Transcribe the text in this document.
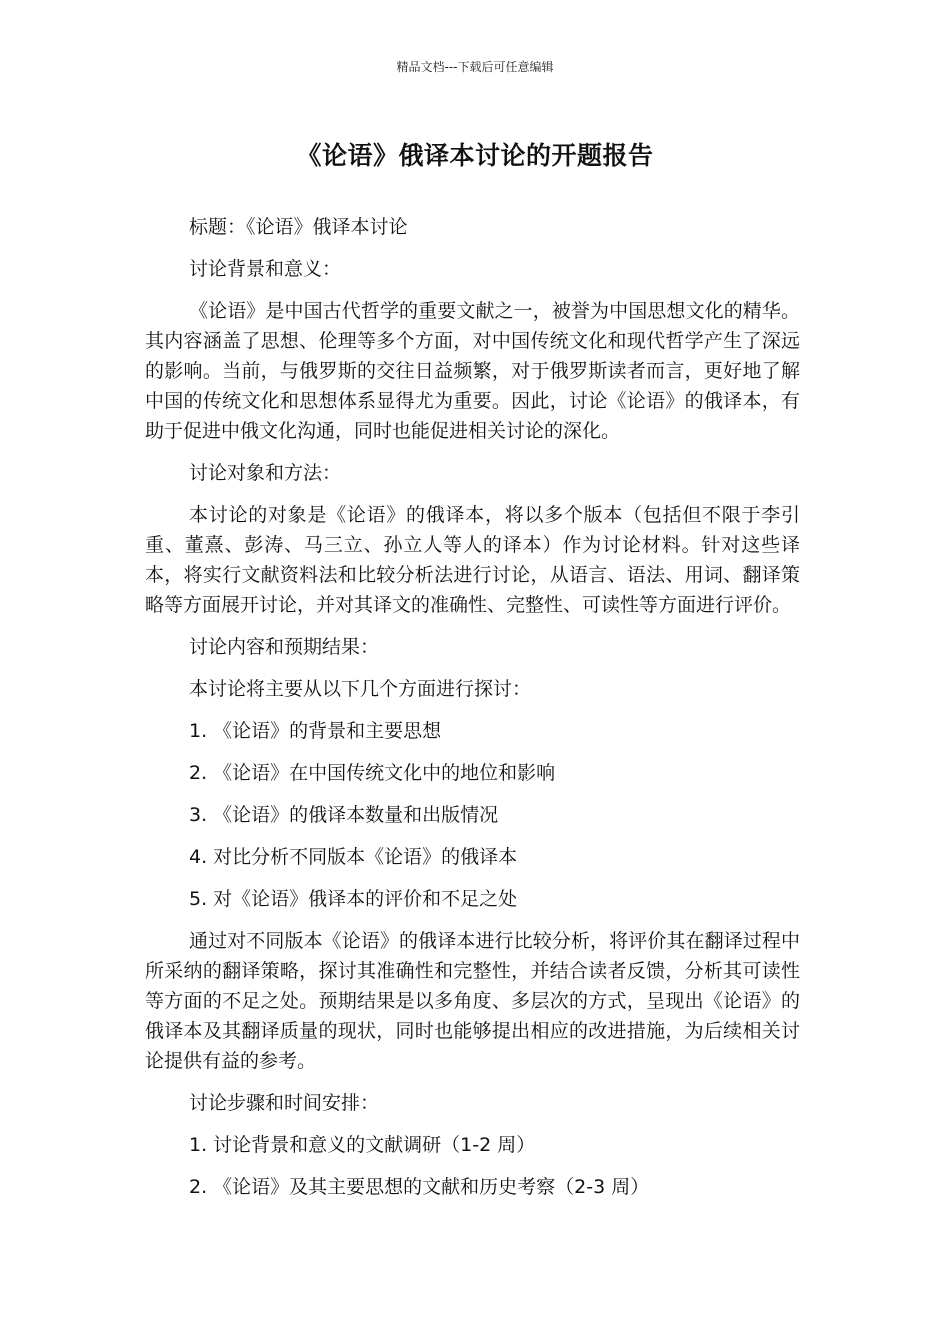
精品文档---下载后可任意编辑
《论语》俄译本讨论的开题报告

标题：《论语》俄译本讨论

讨论背景和意义：

《论语》是中国古代哲学的重要文献之一，被誉为中国思想文化的精华。其内容涵盖了思想、伦理等多个方面，对中国传统文化和现代哲学产生了深远的影响。当前，与俄罗斯的交往日益频繁，对于俄罗斯读者而言，更好地了解中国的传统文化和思想体系显得尤为重要。因此，讨论《论语》的俄译本，有助于促进中俄文化沟通，同时也能促进相关讨论的深化。

讨论对象和方法：

本讨论的对象是《论语》的俄译本，将以多个版本（包括但不限于李引重、董熹、彭涛、马三立、孙立人等人的译本）作为讨论材料。针对这些译本，将实行文献资料法和比较分析法进行讨论，从语言、语法、用词、翻译策略等方面展开讨论，并对其译文的准确性、完整性、可读性等方面进行评价。

讨论内容和预期结果：

本讨论将主要从以下几个方面进行探讨：

1. 《论语》的背景和主要思想

2. 《论语》在中国传统文化中的地位和影响

3. 《论语》的俄译本数量和出版情况

4. 对比分析不同版本《论语》的俄译本

5. 对《论语》俄译本的评价和不足之处

通过对不同版本《论语》的俄译本进行比较分析，将评价其在翻译过程中所采纳的翻译策略，探讨其准确性和完整性，并结合读者反馈，分析其可读性等方面的不足之处。预期结果是以多角度、多层次的方式，呈现出《论语》的俄译本及其翻译质量的现状，同时也能够提出相应的改进措施，为后续相关讨论提供有益的参考。

讨论步骤和时间安排：

1. 讨论背景和意义的文献调研（1-2 周）

2. 《论语》及其主要思想的文献和历史考察（2-3 周）
